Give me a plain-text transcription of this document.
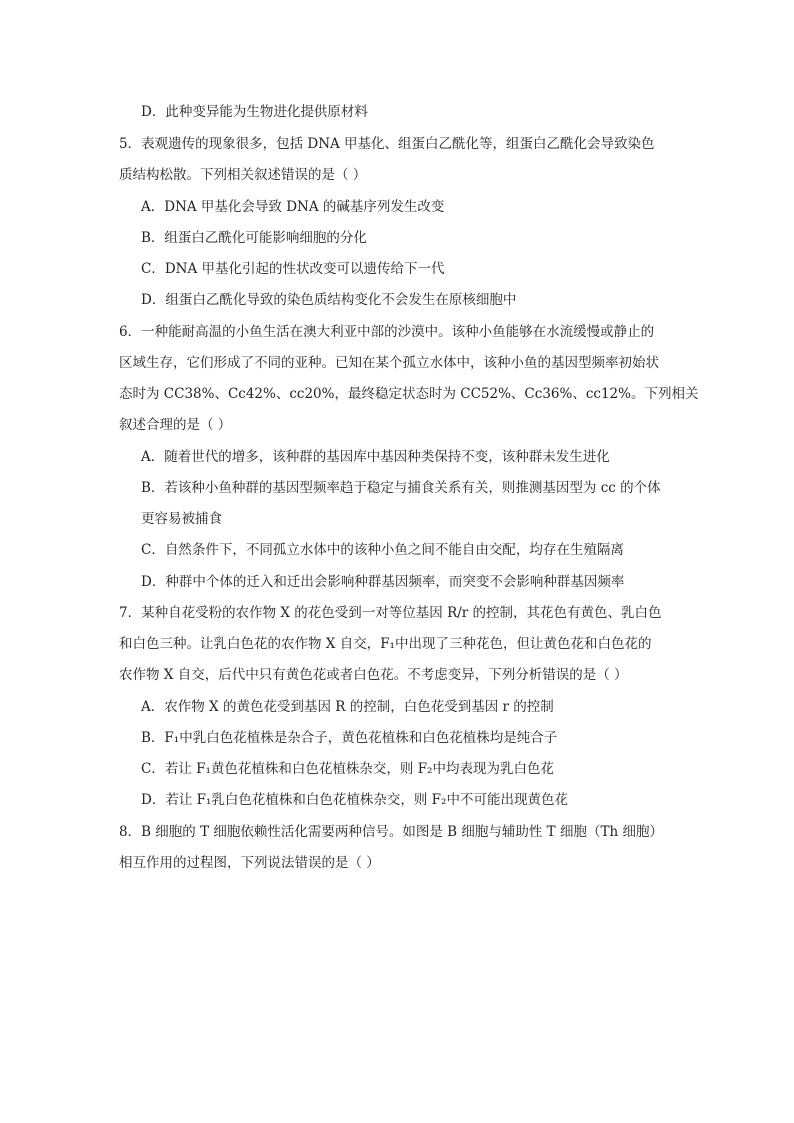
D．此种变异能为生物进化提供原材料
5．表观遗传的现象很多，包括 DNA 甲基化、组蛋白乙酰化等，组蛋白乙酰化会导致染色
质结构松散。下列相关叙述错误的是（ ）
A．DNA 甲基化会导致 DNA 的碱基序列发生改变
B．组蛋白乙酰化可能影响细胞的分化
C．DNA 甲基化引起的性状改变可以遗传给下一代
D．组蛋白乙酰化导致的染色质结构变化不会发生在原核细胞中
6．一种能耐高温的小鱼生活在澳大利亚中部的沙漠中。该种小鱼能够在水流缓慢或静止的
区域生存，它们形成了不同的亚种。已知在某个孤立水体中，该种小鱼的基因型频率初始状
态时为 CC38%、Cc42%、cc20%，最终稳定状态时为 CC52%、Cc36%、cc12%。下列相关
叙述合理的是（ ）
A．随着世代的增多，该种群的基因库中基因种类保持不变，该种群未发生进化
B．若该种小鱼种群的基因型频率趋于稳定与捕食关系有关，则推测基因型为 cc 的个体
更容易被捕食
C．自然条件下，不同孤立水体中的该种小鱼之间不能自由交配，均存在生殖隔离
D．种群中个体的迁入和迁出会影响种群基因频率，而突变不会影响种群基因频率
7．某种自花受粉的农作物 X 的花色受到一对等位基因 R/r 的控制，其花色有黄色、乳白色
和白色三种。让乳白色花的农作物 X 自交，F₁中出现了三种花色，但让黄色花和白色花的
农作物 X 自交，后代中只有黄色花或者白色花。不考虑变异，下列分析错误的是（ ）
A．农作物 X 的黄色花受到基因 R 的控制，白色花受到基因 r 的控制
B．F₁中乳白色花植株是杂合子，黄色花植株和白色花植株均是纯合子
C．若让 F₁黄色花植株和白色花植株杂交，则 F₂中均表现为乳白色花
D．若让 F₁乳白色花植株和白色花植株杂交，则 F₂中不可能出现黄色花
8．B 细胞的 T 细胞依赖性活化需要两种信号。如图是 B 细胞与辅助性 T 细胞（Th 细胞）
相互作用的过程图，下列说法错误的是（ ）
